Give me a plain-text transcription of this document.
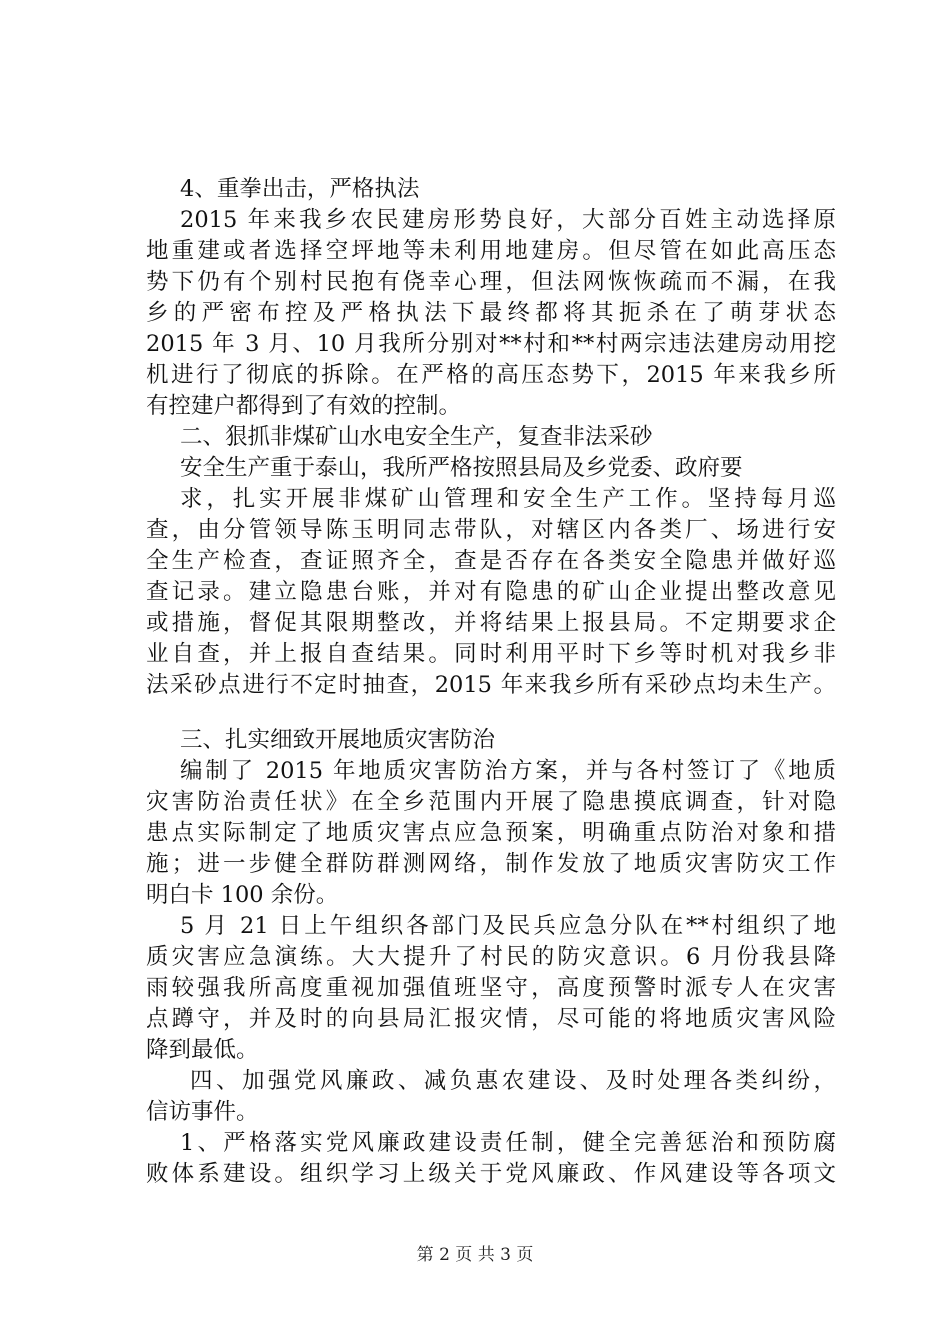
4、重拳出击，严格执法
2015 年来我乡农民建房形势良好，大部分百姓主动选择原
地重建或者选择空坪地等未利用地建房。但尽管在如此高压态
势下仍有个别村民抱有侥幸心理，但法网恢恢疏而不漏，在我
乡的严密布控及严格执法下最终都将其扼杀在了萌芽状态
2015 年 3 月、10 月我所分别对**村和**村两宗违法建房动用挖
机进行了彻底的拆除。在严格的高压态势下，2015 年来我乡所
有控建户都得到了有效的控制。
二、狠抓非煤矿山水电安全生产，复查非法采砂
安全生产重于泰山，我所严格按照县局及乡党委、政府要
求，扎实开展非煤矿山管理和安全生产工作。坚持每月巡
查，由分管领导陈玉明同志带队，对辖区内各类厂、场进行安
全生产检查，查证照齐全，查是否存在各类安全隐患并做好巡
查记录。建立隐患台账，并对有隐患的矿山企业提出整改意见
或措施，督促其限期整改，并将结果上报县局。不定期要求企
业自查，并上报自查结果。同时利用平时下乡等时机对我乡非
法采砂点进行不定时抽查，2015 年来我乡所有采砂点均未生产。
三、扎实细致开展地质灾害防治
编制了 2015 年地质灾害防治方案，并与各村签订了《地质
灾害防治责任状》在全乡范围内开展了隐患摸底调查，针对隐
患点实际制定了地质灾害点应急预案，明确重点防治对象和措
施；进一步健全群防群测网络，制作发放了地质灾害防灾工作
明白卡 100 余份。
5 月 21 日上午组织各部门及民兵应急分队在**村组织了地
质灾害应急演练。大大提升了村民的防灾意识。6 月份我县降
雨较强我所高度重视加强值班坚守，高度预警时派专人在灾害
点蹲守，并及时的向县局汇报灾情，尽可能的将地质灾害风险
降到最低。
四、加强党风廉政、减负惠农建设、及时处理各类纠纷，
信访事件。
1、严格落实党风廉政建设责任制，健全完善惩治和预防腐
败体系建设。组织学习上级关于党风廉政、作风建设等各项文
第 2 页 共 3 页
